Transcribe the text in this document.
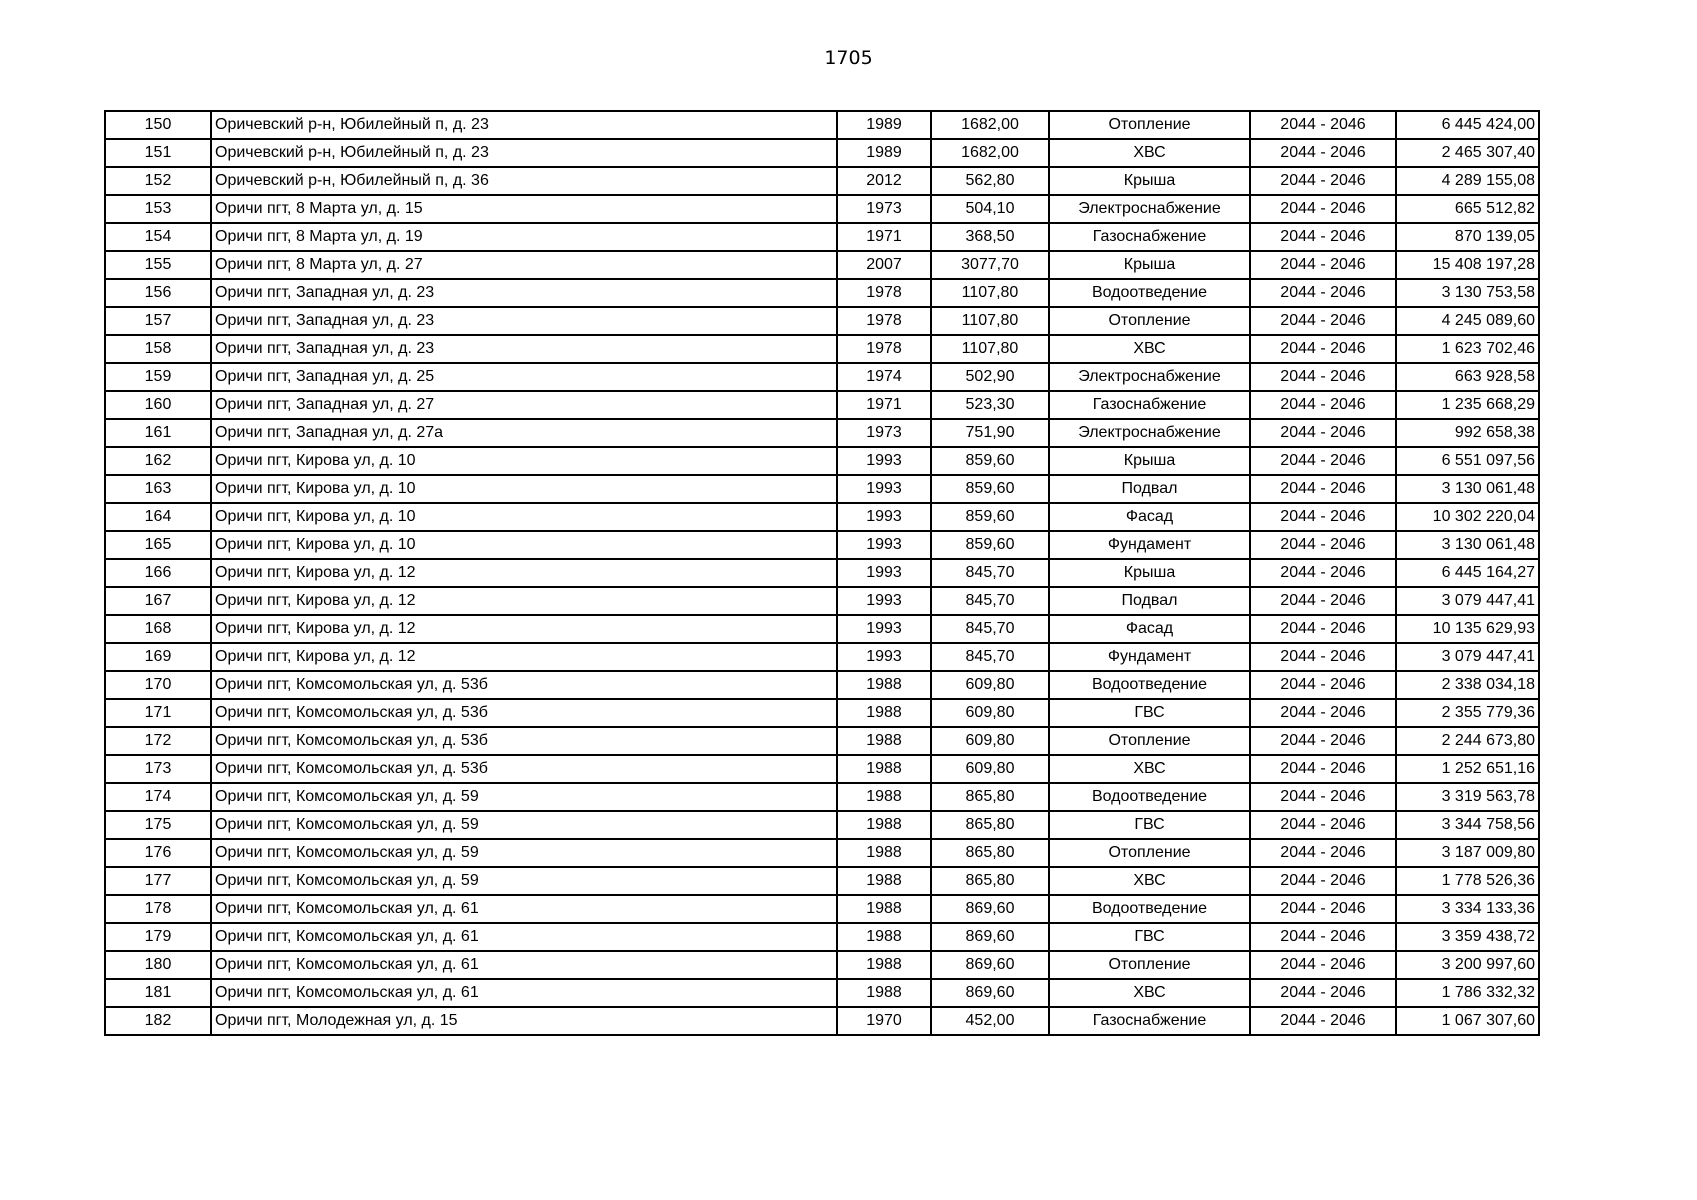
1705
150	Оричевский р-н, Юбилейный п, д. 23	1989	1682,00	Отопление	2044 - 2046	6 445 424,00
151	Оричевский р-н, Юбилейный п, д. 23	1989	1682,00	ХВС	2044 - 2046	2 465 307,40
152	Оричевский р-н, Юбилейный п, д. 36	2012	562,80	Крыша	2044 - 2046	4 289 155,08
153	Оричи пгт, 8 Марта ул, д. 15	1973	504,10	Электроснабжение	2044 - 2046	665 512,82
154	Оричи пгт, 8 Марта ул, д. 19	1971	368,50	Газоснабжение	2044 - 2046	870 139,05
155	Оричи пгт, 8 Марта ул, д. 27	2007	3077,70	Крыша	2044 - 2046	15 408 197,28
156	Оричи пгт, Западная ул, д. 23	1978	1107,80	Водоотведение	2044 - 2046	3 130 753,58
157	Оричи пгт, Западная ул, д. 23	1978	1107,80	Отопление	2044 - 2046	4 245 089,60
158	Оричи пгт, Западная ул, д. 23	1978	1107,80	ХВС	2044 - 2046	1 623 702,46
159	Оричи пгт, Западная ул, д. 25	1974	502,90	Электроснабжение	2044 - 2046	663 928,58
160	Оричи пгт, Западная ул, д. 27	1971	523,30	Газоснабжение	2044 - 2046	1 235 668,29
161	Оричи пгт, Западная ул, д. 27а	1973	751,90	Электроснабжение	2044 - 2046	992 658,38
162	Оричи пгт, Кирова ул, д. 10	1993	859,60	Крыша	2044 - 2046	6 551 097,56
163	Оричи пгт, Кирова ул, д. 10	1993	859,60	Подвал	2044 - 2046	3 130 061,48
164	Оричи пгт, Кирова ул, д. 10	1993	859,60	Фасад	2044 - 2046	10 302 220,04
165	Оричи пгт, Кирова ул, д. 10	1993	859,60	Фундамент	2044 - 2046	3 130 061,48
166	Оричи пгт, Кирова ул, д. 12	1993	845,70	Крыша	2044 - 2046	6 445 164,27
167	Оричи пгт, Кирова ул, д. 12	1993	845,70	Подвал	2044 - 2046	3 079 447,41
168	Оричи пгт, Кирова ул, д. 12	1993	845,70	Фасад	2044 - 2046	10 135 629,93
169	Оричи пгт, Кирова ул, д. 12	1993	845,70	Фундамент	2044 - 2046	3 079 447,41
170	Оричи пгт, Комсомольская ул, д. 53б	1988	609,80	Водоотведение	2044 - 2046	2 338 034,18
171	Оричи пгт, Комсомольская ул, д. 53б	1988	609,80	ГВС	2044 - 2046	2 355 779,36
172	Оричи пгт, Комсомольская ул, д. 53б	1988	609,80	Отопление	2044 - 2046	2 244 673,80
173	Оричи пгт, Комсомольская ул, д. 53б	1988	609,80	ХВС	2044 - 2046	1 252 651,16
174	Оричи пгт, Комсомольская ул, д. 59	1988	865,80	Водоотведение	2044 - 2046	3 319 563,78
175	Оричи пгт, Комсомольская ул, д. 59	1988	865,80	ГВС	2044 - 2046	3 344 758,56
176	Оричи пгт, Комсомольская ул, д. 59	1988	865,80	Отопление	2044 - 2046	3 187 009,80
177	Оричи пгт, Комсомольская ул, д. 59	1988	865,80	ХВС	2044 - 2046	1 778 526,36
178	Оричи пгт, Комсомольская ул, д. 61	1988	869,60	Водоотведение	2044 - 2046	3 334 133,36
179	Оричи пгт, Комсомольская ул, д. 61	1988	869,60	ГВС	2044 - 2046	3 359 438,72
180	Оричи пгт, Комсомольская ул, д. 61	1988	869,60	Отопление	2044 - 2046	3 200 997,60
181	Оричи пгт, Комсомольская ул, д. 61	1988	869,60	ХВС	2044 - 2046	1 786 332,32
182	Оричи пгт, Молодежная ул, д. 15	1970	452,00	Газоснабжение	2044 - 2046	1 067 307,60
